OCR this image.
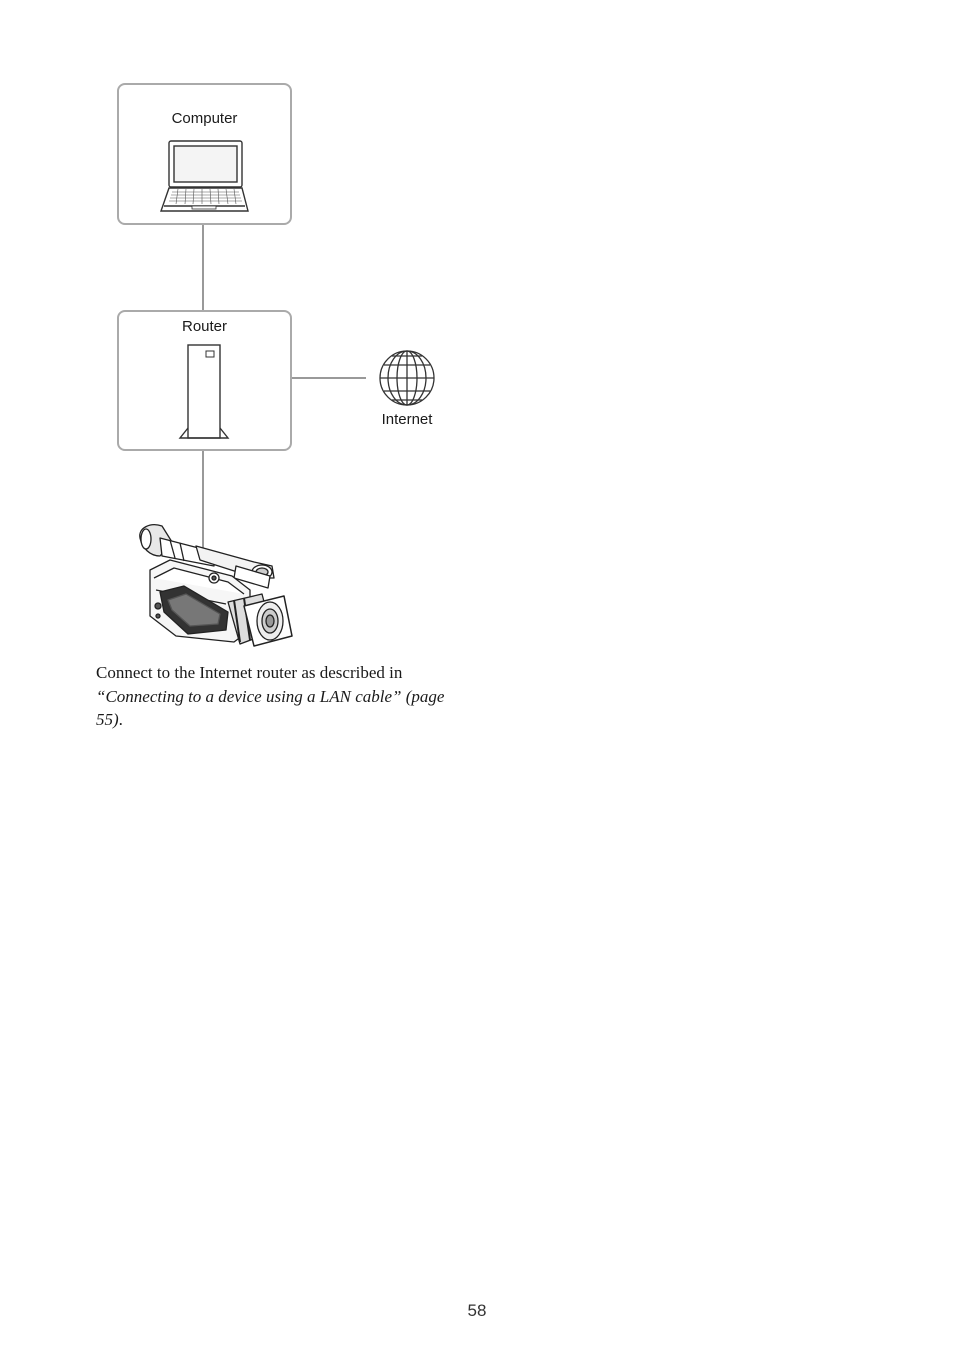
Computer
Router
Internet
Connect to the Internet router as described in
“Connecting to a device using a LAN cable” (page 55).
58
